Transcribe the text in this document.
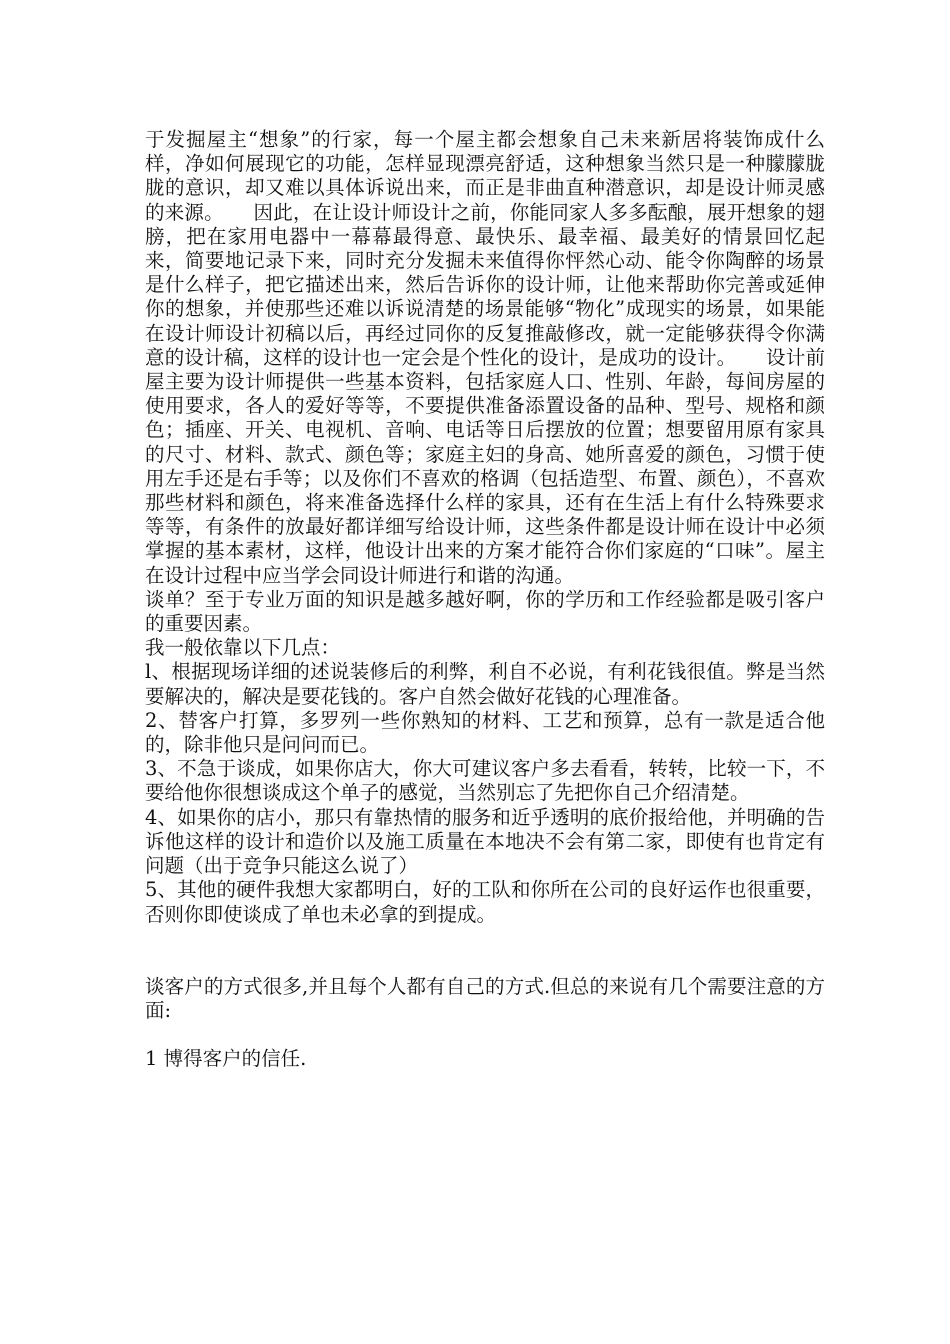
于发掘屋主“想象”的行家，每一个屋主都会想象自己未来新居将装饰成什么样，净如何展现它的功能，怎样显现漂亮舒适，这种想象当然只是一种朦朦胧胧的意识，却又难以具体诉说出来，而正是非曲直种潜意识，却是设计师灵感的来源。　　因此，在让设计师设计之前，你能同家人多多酝酿，展开想象的翅膀，把在家用电器中一幕幕最得意、最快乐、最幸福、最美好的情景回忆起来，简要地记录下来，同时充分发掘未来值得你怦然心动、能令你陶醉的场景是什么样子，把它描述出来，然后告诉你的设计师，让他来帮助你完善或延伸你的想象，并使那些还难以诉说清楚的场景能够“物化”成现实的场景，如果能在设计师设计初稿以后，再经过同你的反复推敲修改，就一定能够获得令你满意的设计稿，这样的设计也一定会是个性化的设计，是成功的设计。　　设计前屋主要为设计师提供一些基本资料，包括家庭人口、性别、年龄，每间房屋的使用要求，各人的爱好等等，不要提供准备添置设备的品种、型号、规格和颜色；插座、开关、电视机、音响、电话等日后摆放的位置；想要留用原有家具的尺寸、材料、款式、颜色等；家庭主妇的身高、她所喜爱的颜色，习惯于使用左手还是右手等；以及你们不喜欢的格调（包括造型、布置、颜色），不喜欢那些材料和颜色，将来准备选择什么样的家具，还有在生活上有什么特殊要求等等，有条件的放最好都详细写给设计师，这些条件都是设计师在设计中必须掌握的基本素材，这样，他设计出来的方案才能符合你们家庭的“口味”。屋主在设计过程中应当学会同设计师进行和谐的沟通。

谈单？至于专业万面的知识是越多越好啊，你的学历和工作经验都是吸引客户的重要因素。

我一般依靠以下几点：

l、根据现场详细的述说装修后的利弊，利自不必说，有利花钱很值。弊是当然要解决的，解决是要花钱的。客户自然会做好花钱的心理准备。

2、替客户打算，多罗列一些你熟知的材料、工艺和预算，总有一款是适合他的，除非他只是问问而已。

3、不急于谈成，如果你店大，你大可建议客户多去看看，转转，比较一下，不要给他你很想谈成这个单子的感觉，当然别忘了先把你自己介绍清楚。

4、如果你的店小，那只有靠热情的服务和近乎透明的底价报给他，并明确的告诉他这样的设计和造价以及施工质量在本地决不会有第二家，即使有也肯定有问题（出于竞争只能这么说了）

5、其他的硬件我想大家都明白，好的工队和你所在公司的良好运作也很重要，否则你即使谈成了单也未必拿的到提成。

谈客户的方式很多,并且每个人都有自己的方式.但总的来说有几个需要注意的方面:

1 博得客户的信任.
